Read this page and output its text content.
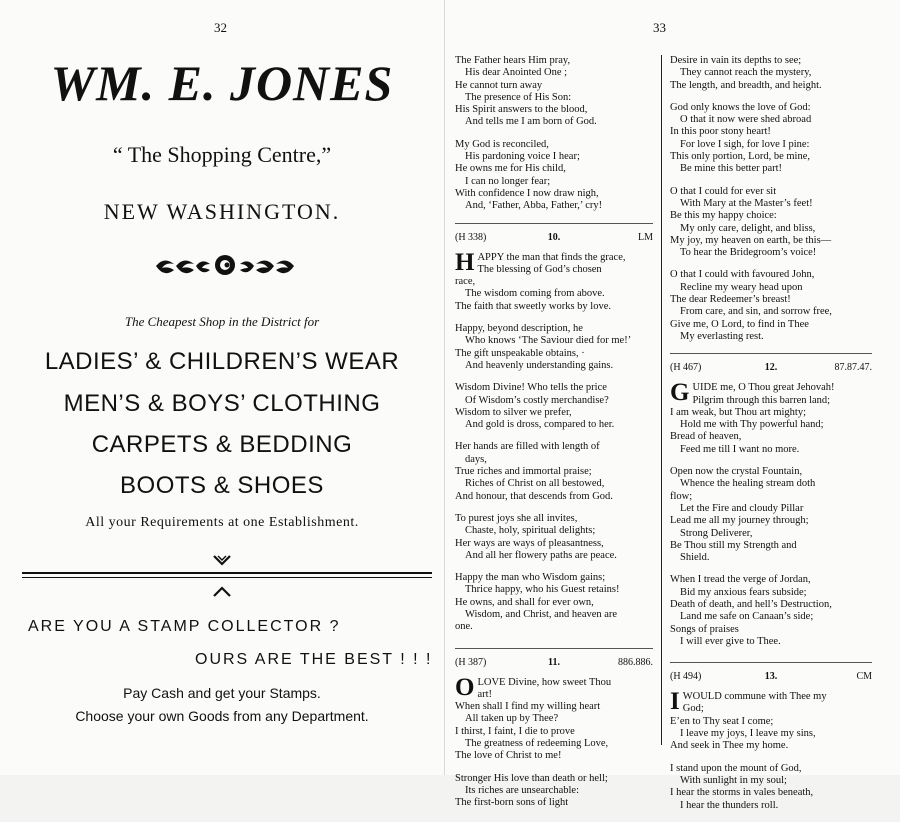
32
WM. E. JONES
“ The Shopping Centre,”
NEW WASHINGTON.
The Cheapest Shop in the District for
LADIES’ & CHILDREN’S WEAR
MEN’S & BOYS’ CLOTHING
CARPETS & BEDDING
BOOTS & SHOES
All your Requirements at one Establishment.
ARE YOU A STAMP COLLECTOR ?
OURS ARE THE BEST ! ! !
Pay Cash and get your Stamps.
Choose your own Goods from any Department.
33
The Father hears Him pray,
His dear Anointed One ;
He cannot turn away
The presence of His Son:
His Spirit answers to the blood,
And tells me I am born of God.
My God is reconciled,
His pardoning voice I hear;
He owns me for His child,
I can no longer fear;
With confidence I now draw nigh,
And, ‘Father, Abba, Father,’ cry!
(H 338)	10.	LM
H APPY the man that finds the grace,
The blessing of God’s chosen
race,
The wisdom coming from above.
The faith that sweetly works by love.
Happy, beyond description, he
Who knows ‘The Saviour died for me!’
The gift unspeakable obtains, ·
And heavenly understanding gains.
Wisdom Divine! Who tells the price
Of Wisdom’s costly merchandise?
Wisdom to silver we prefer,
And gold is dross, compared to her.
Her hands are filled with length of
days,
True riches and immortal praise;
Riches of Christ on all bestowed,
And honour, that descends from God.
To purest joys she all invites,
Chaste, holy, spiritual delights;
Her ways are ways of pleasantness,
And all her flowery paths are peace.
Happy the man who Wisdom gains;
Thrice happy, who his Guest retains!
He owns, and shall for ever own,
Wisdom, and Christ, and heaven are
one.
(H 387)	11.	886.886.
O LOVE Divine, how sweet Thou
art!
When shall I find my willing heart
All taken up by Thee?
I thirst, I faint, I die to prove
The greatness of redeeming Love,
The love of Christ to me!
Stronger His love than death or hell;
Its riches are unsearchable:
The first-born sons of light
Desire in vain its depths to see;
They cannot reach the mystery,
The length, and breadth, and height.
God only knows the love of God:
O that it now were shed abroad
In this poor stony heart!
For love I sigh, for love I pine:
This only portion, Lord, be mine,
Be mine this better part!
O that I could for ever sit
With Mary at the Master’s feet!
Be this my happy choice:
My only care, delight, and bliss,
My joy, my heaven on earth, be this—
To hear the Bridegroom’s voice!
O that I could with favoured John,
Recline my weary head upon
The dear Redeemer’s breast!
From care, and sin, and sorrow free,
Give me, O Lord, to find in Thee
My everlasting rest.
(H 467)	12.	87.87.47.
G UIDE me, O Thou great Jehovah!
Pilgrim through this barren land;
I am weak, but Thou art mighty;
Hold me with Thy powerful hand;
Bread of heaven,
Feed me till I want no more.
Open now the crystal Fountain,
Whence the healing stream doth
flow;
Let the Fire and cloudy Pillar
Lead me all my journey through;
Strong Deliverer,
Be Thou still my Strength and
Shield.
When I tread the verge of Jordan,
Bid my anxious fears subside;
Death of death, and hell’s Destruction,
Land me safe on Canaan’s side;
Songs of praises
I will ever give to Thee.
(H 494)	13.	CM
I WOULD commune with Thee my
God;
E’en to Thy seat I come;
I leave my joys, I leave my sins,
And seek in Thee my home.
I stand upon the mount of God,
With sunlight in my soul;
I hear the storms in vales beneath,
I hear the thunders roll.
